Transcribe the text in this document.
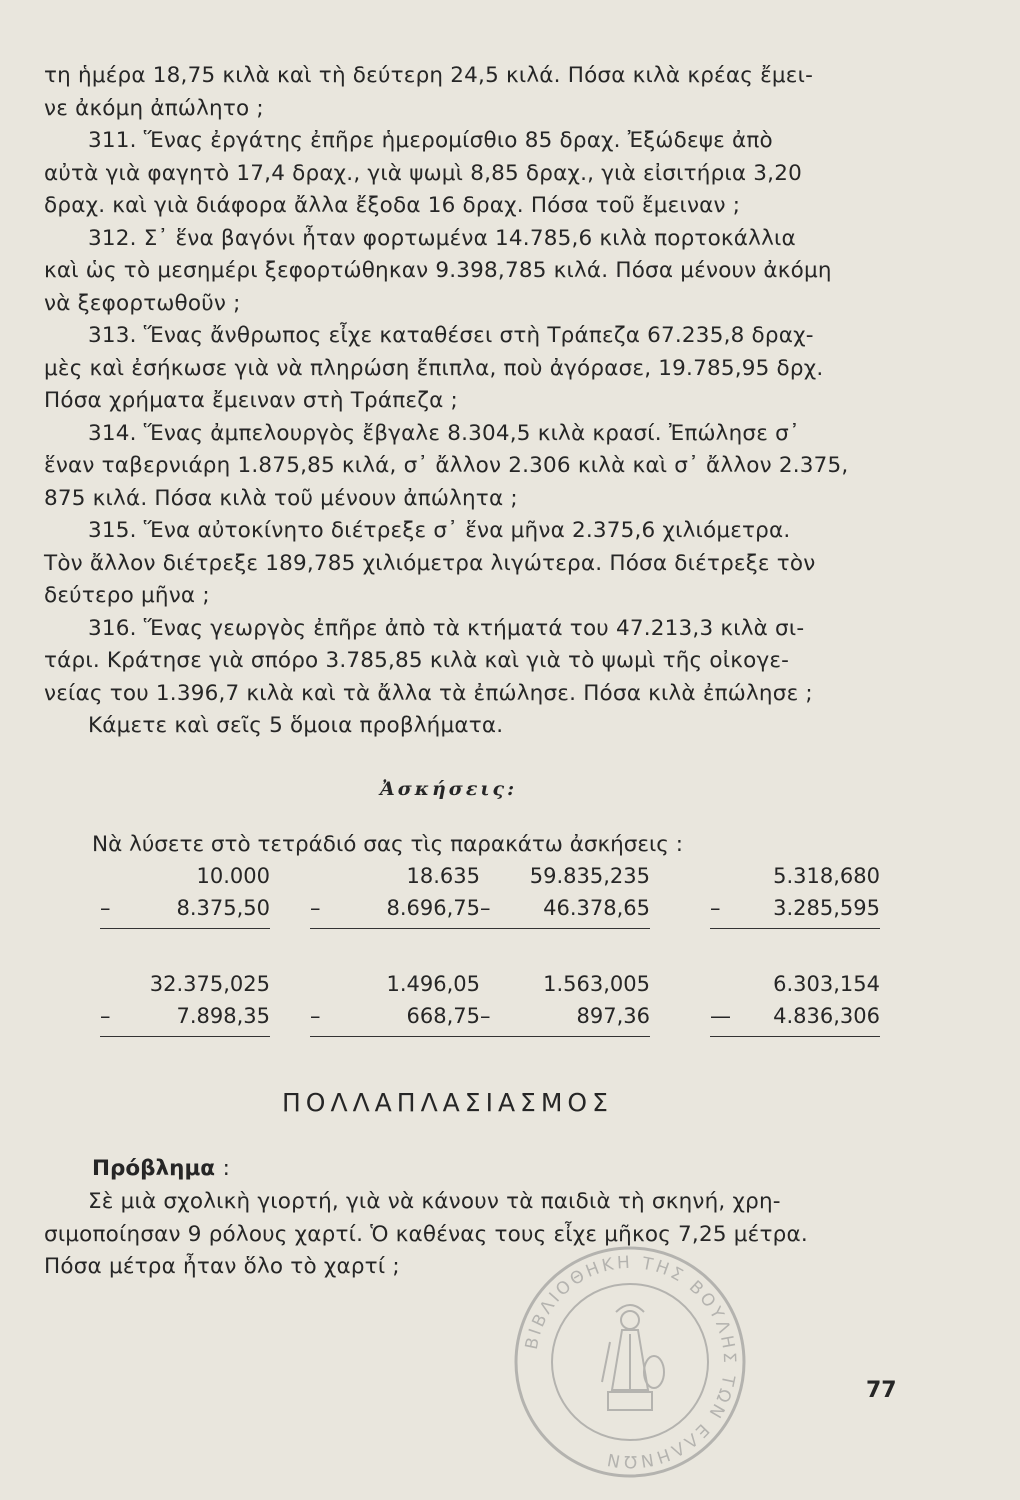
τη ἡμέρα 18,75 κιλὰ καὶ τὴ δεύτερη 24,5 κιλά. Πόσα κιλὰ κρέας ἔμει-

νε ἀκόμη ἀπώλητο ;

311. Ἕνας ἐργάτης ἐπῆρε ἡμερομίσθιο 85 δραχ. Ἐξώδεψε ἀπὸ

αὐτὰ γιὰ φαγητὸ 17,4 δραχ., γιὰ ψωμὶ 8,85 δραχ., γιὰ εἰσιτήρια 3,20

δραχ. καὶ γιὰ διάφορα ἄλλα ἔξοδα 16 δραχ. Πόσα τοῦ ἔμειναν ;

312. Σ᾽ ἕνα βαγόνι ἦταν φορτωμένα 14.785,6 κιλὰ πορτοκάλλια

καὶ ὡς τὸ μεσημέρι ξεφορτώθηκαν 9.398,785 κιλά. Πόσα μένουν ἀκόμη

νὰ ξεφορτωθοῦν ;

313. Ἕνας ἄνθρωπος εἶχε καταθέσει στὴ Τράπεζα 67.235,8 δραχ-

μὲς καὶ ἐσήκωσε γιὰ νὰ πληρώση ἔπιπλα, ποὺ ἀγόρασε, 19.785,95 δρχ.

Πόσα χρήματα ἔμειναν στὴ Τράπεζα ;

314. Ἕνας ἀμπελουργὸς ἔβγαλε 8.304,5 κιλὰ κρασί. Ἐπώλησε σ᾽

ἕναν ταβερνιάρη 1.875,85 κιλά, σ᾽ ἄλλον 2.306 κιλὰ καὶ σ᾽ ἄλλον 2.375,

875 κιλά. Πόσα κιλὰ τοῦ μένουν ἀπώλητα ;

315. Ἕνα αὐτοκίνητο διέτρεξε σ᾽ ἕνα μῆνα 2.375,6 χιλιόμετρα.

Τὸν ἄλλον διέτρεξε 189,785 χιλιόμετρα λιγώτερα. Πόσα διέτρεξε τὸν

δεύτερο μῆνα ;

316. Ἕνας γεωργὸς ἐπῆρε ἀπὸ τὰ κτήματά του 47.213,3 κιλὰ σι-

τάρι. Κράτησε γιὰ σπόρο 3.785,85 κιλὰ καὶ γιὰ τὸ ψωμὶ τῆς οἰκογε-

νείας του 1.396,7 κιλὰ καὶ τὰ ἄλλα τὰ ἐπώλησε. Πόσα κιλὰ ἐπώλησε ;

Κάμετε καὶ σεῖς 5 ὅμοια προβλήματα.

Ἀσκήσεις:
Νὰ λύσετε στὸ τετράδιό σας τὶς παρακάτω ἀσκήσεις :
10.000
–	8.375,50
18.635
–	8.696,75
59.835,235
–	46.378,65
5.318,680
–	3.285,595
32.375,025
–	7.898,35
1.496,05
–	668,75
1.563,005
–	897,36
6.303,154
— 4.836,306
ΠΟΛΛΑΠΛΑΣΙΑΣΜΟΣ
Πρόβλημα :

Σὲ μιὰ σχολικὴ γιορτή, γιὰ νὰ κάνουν τὰ παιδιὰ τὴ σκηνή, χρη-

σιμοποίησαν 9 ρόλους χαρτί. Ὁ καθένας τους εἶχε μῆκος 7,25 μέτρα.

Πόσα μέτρα ἦταν ὅλο τὸ χαρτί ;

ΒΙΒΛΙΟΘΗΚΗ ΤΗΣ ΒΟΥΛΗΣ ΤΩΝ ΕΛΛΗΝΩΝ
77
